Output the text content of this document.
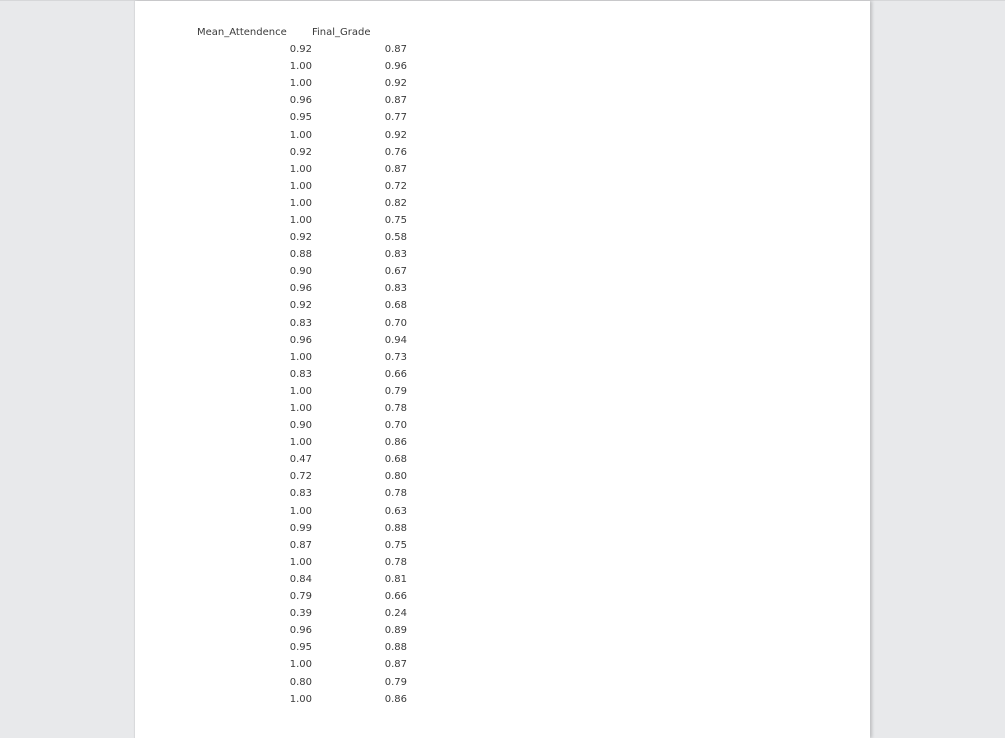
Mean_Attendence	Final_Grade
0.92	0.87
1.00	0.96
1.00	0.92
0.96	0.87
0.95	0.77
1.00	0.92
0.92	0.76
1.00	0.87
1.00	0.72
1.00	0.82
1.00	0.75
0.92	0.58
0.88	0.83
0.90	0.67
0.96	0.83
0.92	0.68
0.83	0.70
0.96	0.94
1.00	0.73
0.83	0.66
1.00	0.79
1.00	0.78
0.90	0.70
1.00	0.86
0.47	0.68
0.72	0.80
0.83	0.78
1.00	0.63
0.99	0.88
0.87	0.75
1.00	0.78
0.84	0.81
0.79	0.66
0.39	0.24
0.96	0.89
0.95	0.88
1.00	0.87
0.80	0.79
1.00	0.86
